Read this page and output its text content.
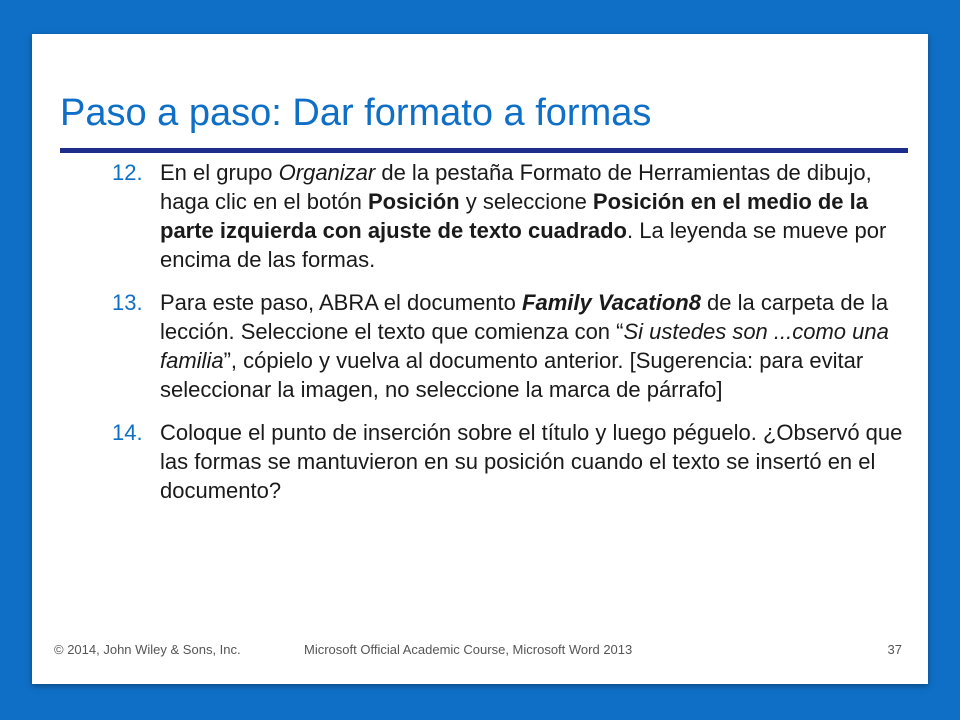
Paso a paso: Dar formato a formas
12. En el grupo Organizar de la pestaña Formato de Herramientas de dibujo, haga clic en el botón Posición y seleccione Posición en el medio de la parte izquierda con ajuste de texto cuadrado. La leyenda se mueve por encima de las formas.
13. Para este paso, ABRA el documento Family Vacation8 de la carpeta de la lección. Seleccione el texto que comienza con “Si ustedes son ...como una familia”, cópielo y vuelva al documento anterior. [Sugerencia: para evitar seleccionar la imagen, no seleccione la marca de párrafo]
14. Coloque el punto de inserción sobre el título y luego péguelo. ¿Observó que las formas se mantuvieron en su posición cuando el texto se insertó en el documento?
© 2014, John Wiley & Sons, Inc.	Microsoft Official Academic Course, Microsoft Word 2013	37
